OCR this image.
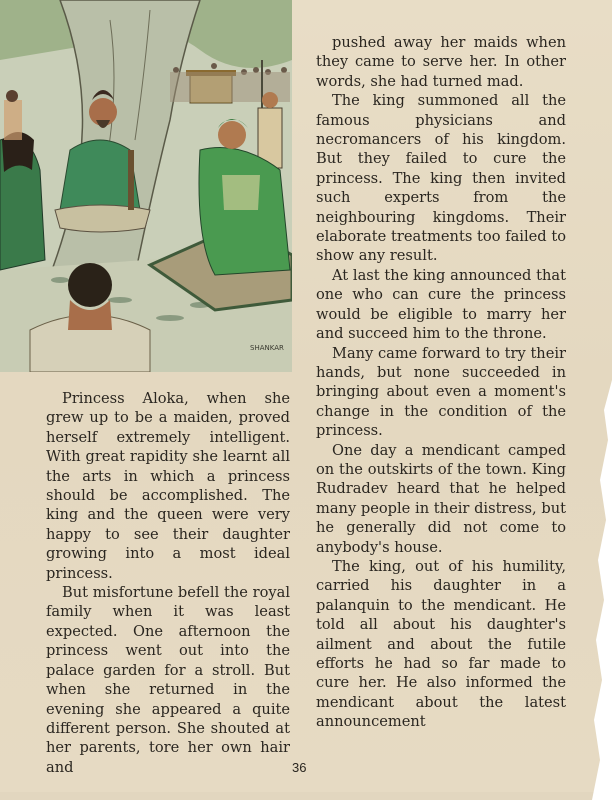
SHANKAR

Princess Aloka, when she grew up to be a maiden, proved herself extremely intelligent. With great rapidity she learnt all the arts in which a princess should be accomplished. The king and the queen were very happy to see their daughter growing into a most ideal princess.

But misfortune befell the royal family when it was least expected. One afternoon the princess went out into the palace garden for a stroll. But when she returned in the evening she appeared a quite different person. She shouted at her parents, tore her own hair and

pushed away her maids when they came to serve her. In other words, she had turned mad.

The king summoned all the famous physicians and necromancers of his kingdom. But they failed to cure the princess. The king then invited such experts from the neighbouring kingdoms. Their elaborate treatments too failed to show any result.

At last the king announced that one who can cure the princess would be eligible to marry her and succeed him to the throne.

Many came forward to try their hands, but none succeeded in bringing about even a moment's change in the condition of the princess.

One day a mendicant camped on the outskirts of the town. King Rudradev heard that he helped many people in their distress, but he generally did not come to anybody's house.

The king, out of his humility, carried his daughter in a palanquin to the mendicant. He told all about his daughter's ailment and about the futile efforts he had so far made to cure her. He also informed the mendicant about the latest announcement

36
